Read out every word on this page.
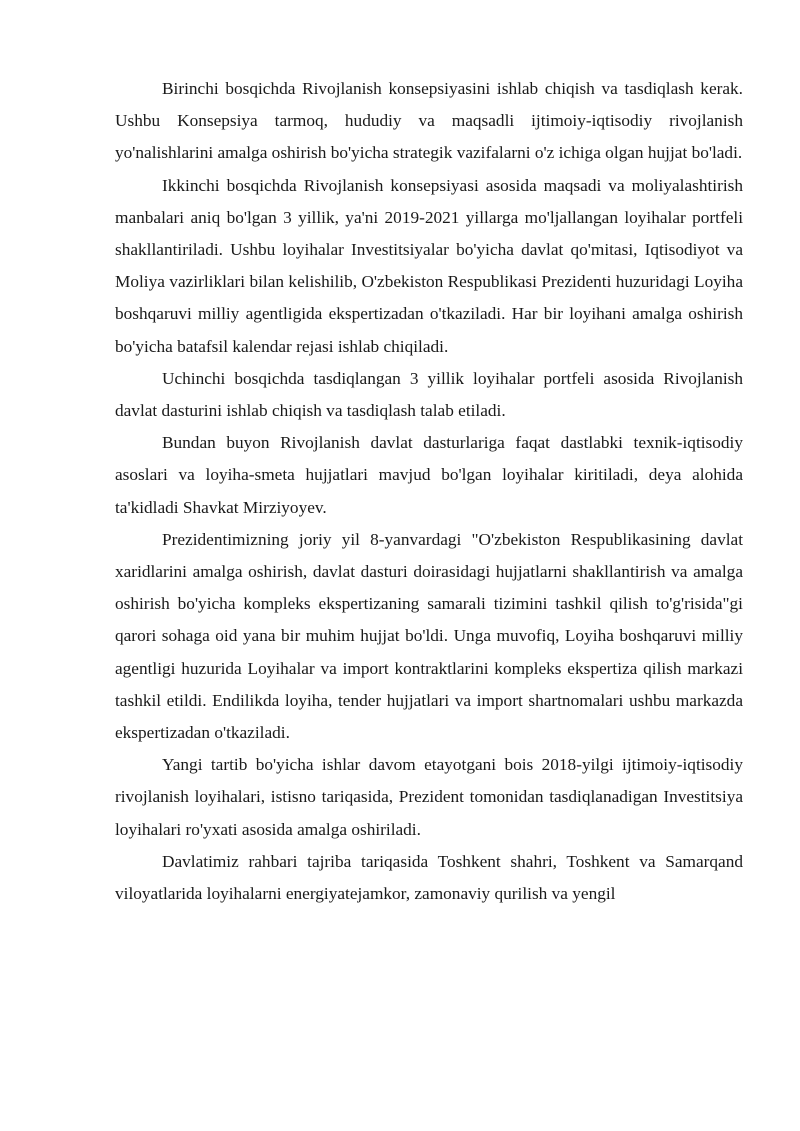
Birinchi bosqichda Rivojlanish konsepsiyasini ishlab chiqish va tasdiqlash kerak. Ushbu Konsepsiya tarmoq, hududiy va maqsadli ijtimoiy-iqtisodiy rivojlanish yo'nalishlarini amalga oshirish bo'yicha strategik vazifalarni o'z ichiga olgan hujjat bo'ladi.

Ikkinchi bosqichda Rivojlanish konsepsiyasi asosida maqsadi va moliyalashtirish manbalari aniq bo'lgan 3 yillik, ya'ni 2019-2021 yillarga mo'ljallangan loyihalar portfeli shakllantiriladi. Ushbu loyihalar Investitsiyalar bo'yicha davlat qo'mitasi, Iqtisodiyot va Moliya vazirliklari bilan kelishilib, O'zbekiston Respublikasi Prezidenti huzuridagi Loyiha boshqaruvi milliy agentligida ekspertizadan o'tkaziladi. Har bir loyihani amalga oshirish bo'yicha batafsil kalendar rejasi ishlab chiqiladi.

Uchinchi bosqichda tasdiqlangan 3 yillik loyihalar portfeli asosida Rivojlanish davlat dasturini ishlab chiqish va tasdiqlash talab etiladi.

Bundan buyon Rivojlanish davlat dasturlariga faqat dastlabki texnik-iqtisodiy asoslari va loyiha-smeta hujjatlari mavjud bo'lgan loyihalar kiritiladi, deya alohida ta'kidladi Shavkat Mirziyoyev.

Prezidentimizning joriy yil 8-yanvardagi "O'zbekiston Respublikasining davlat xaridlarini amalga oshirish, davlat dasturi doirasidagi hujjatlarni shakllantirish va amalga oshirish bo'yicha kompleks ekspertizaning samarali tizimini tashkil qilish to'g'risida"gi qarori sohaga oid yana bir muhim hujjat bo'ldi. Unga muvofiq, Loyiha boshqaruvi milliy agentligi huzurida Loyihalar va import kontraktlarini kompleks ekspertiza qilish markazi tashkil etildi. Endilikda loyiha, tender hujjatlari va import shartnomalari ushbu markazda ekspertizadan o'tkaziladi.

Yangi tartib bo'yicha ishlar davom etayotgani bois 2018-yilgi ijtimoiy-iqtisodiy rivojlanish loyihalari, istisno tariqasida, Prezident tomonidan tasdiqlanadigan Investitsiya loyihalari ro'yxati asosida amalga oshiriladi.

Davlatimiz rahbari tajriba tariqasida Toshkent shahri, Toshkent va Samarqand viloyatlarida loyihalarni energiyatejamkor, zamonaviy qurilish va yengil
